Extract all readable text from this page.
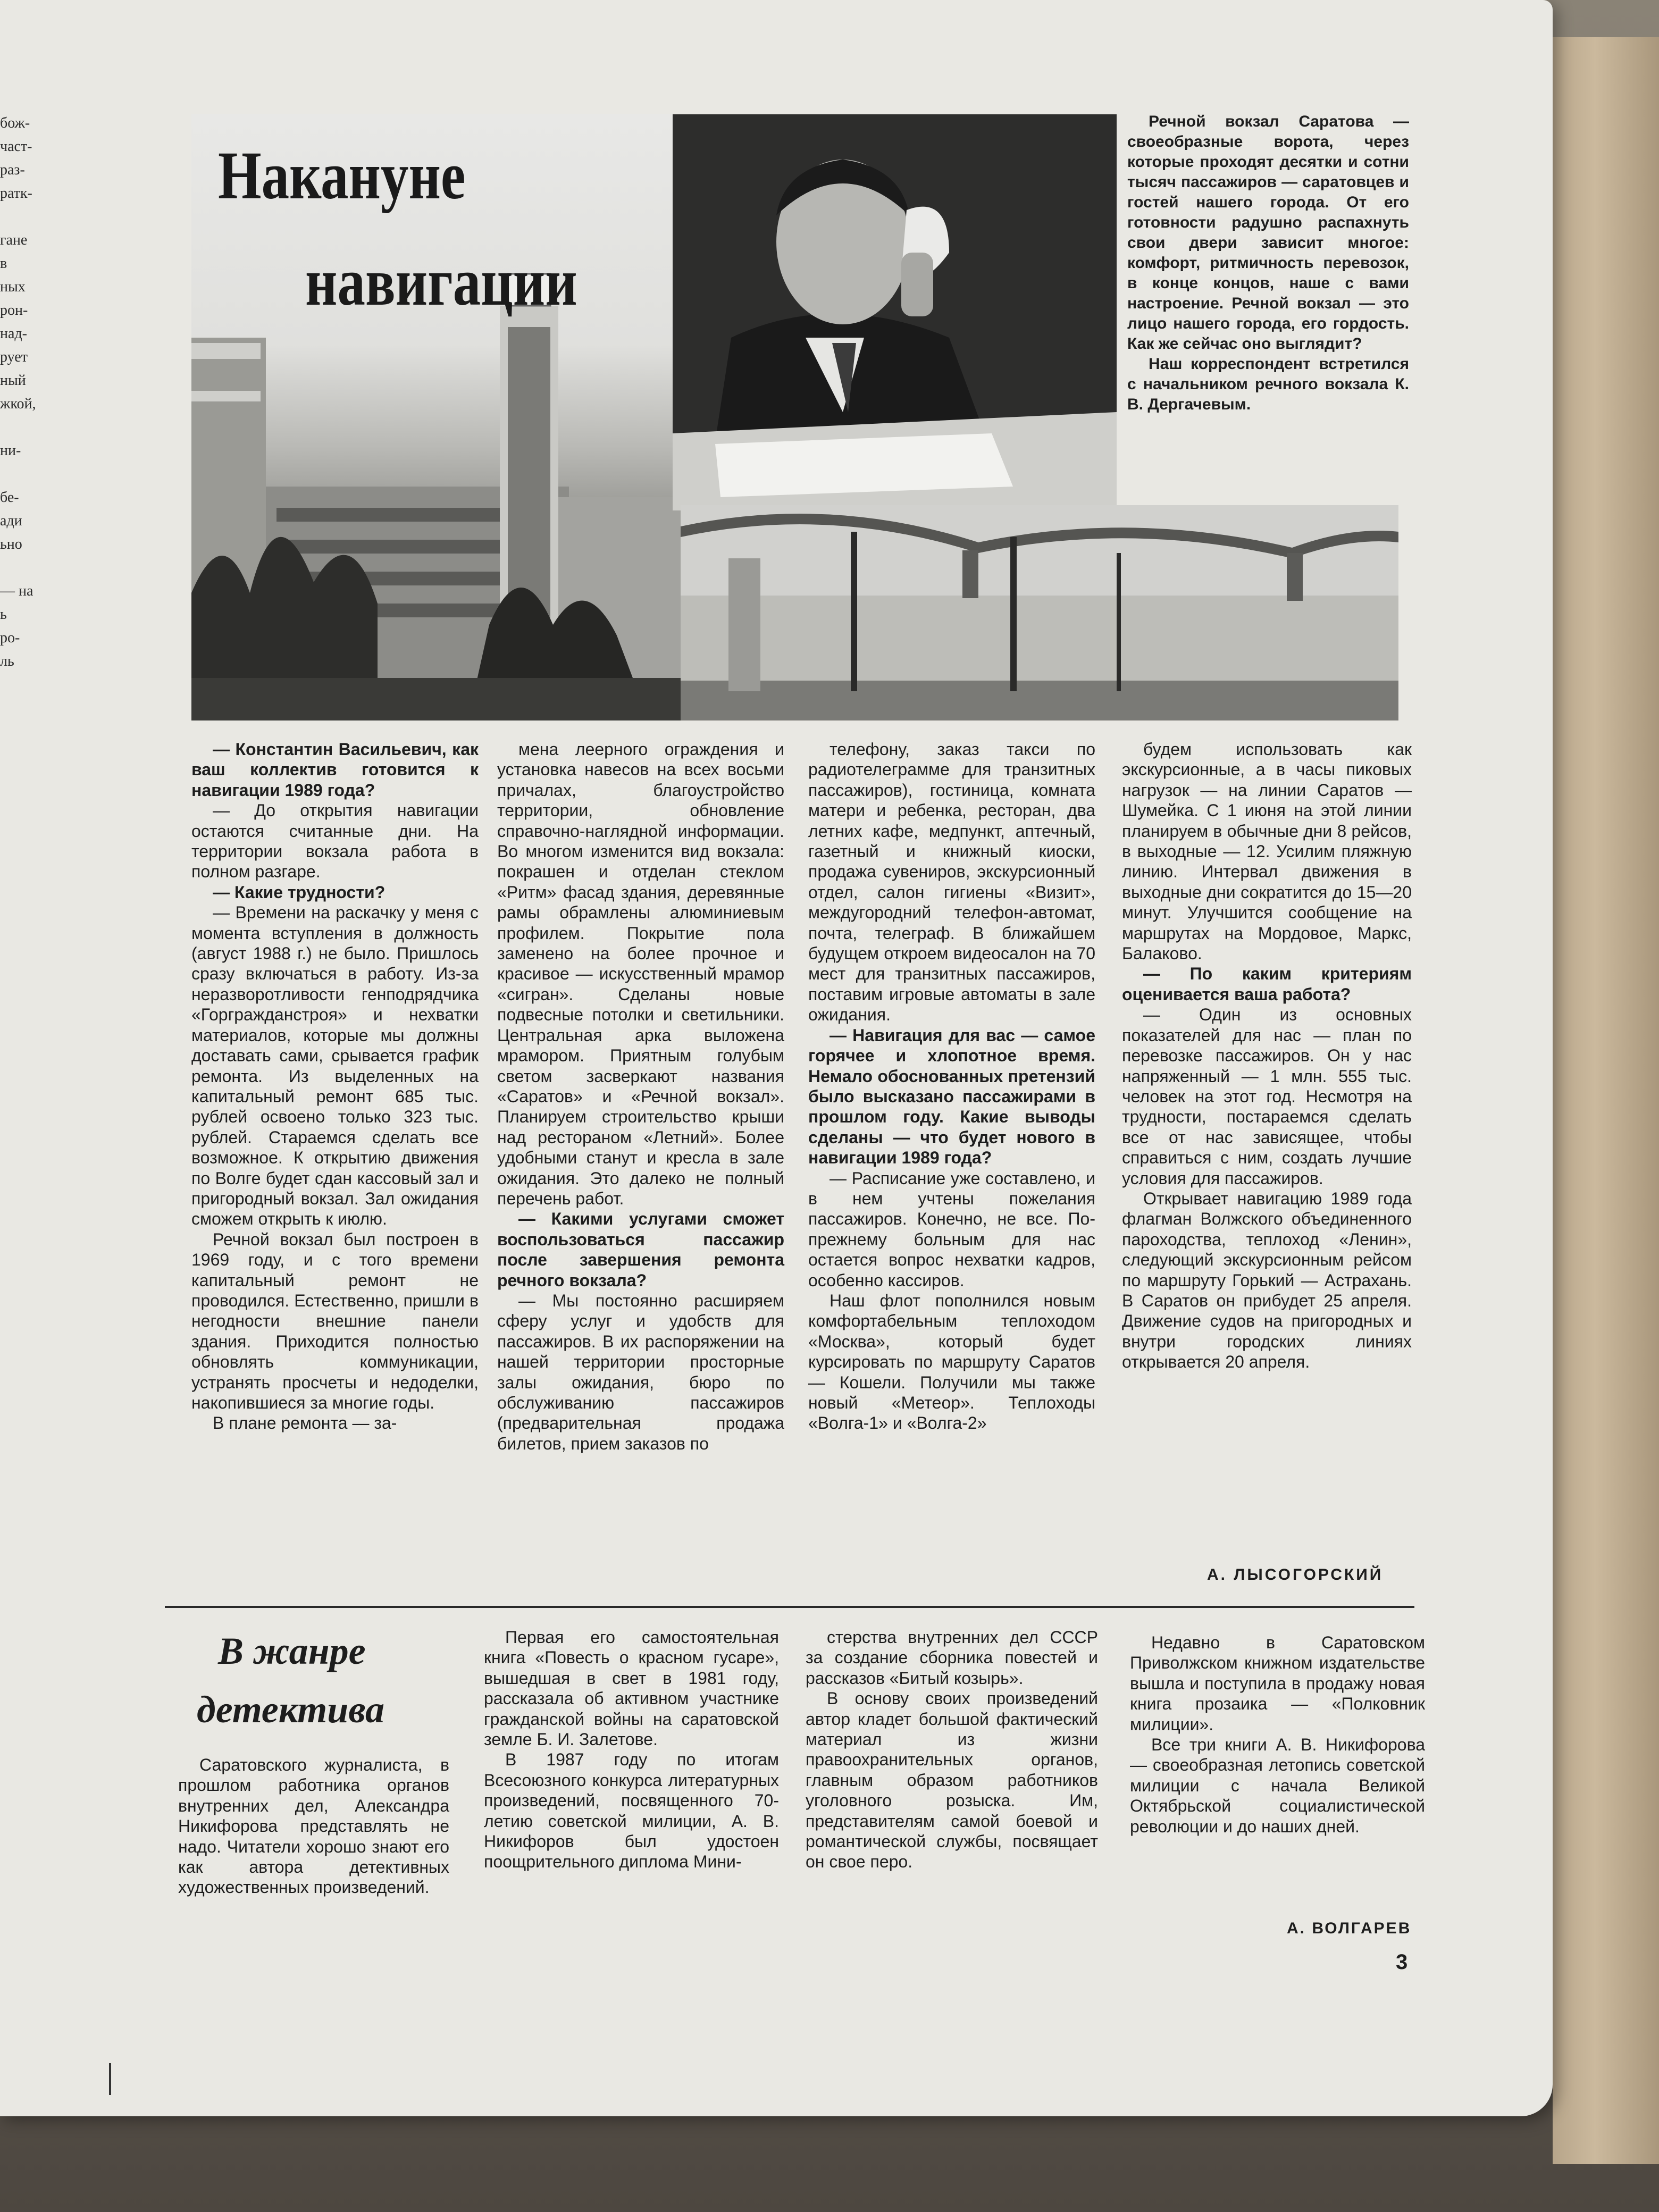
бож-
част-
раз-
ратк-

гане
в
ных
рон-
над-
рует
ный
жкой,

ни-

бе-
ади
ьно

— на
ь
ро-
ль
Накануне
навигации

Речной вокзал Саратова — своеобразные ворота, через которые проходят десятки и сотни тысяч пассажиров — саратовцев и гостей нашего города. От его готовности радушно распахнуть свои двери зависит многое: комфорт, ритмичность перевозок, в конце концов, наше с вами настроение. Речной вокзал — это лицо нашего города, его гордость. Как же сейчас оно выглядит?

Наш корреспондент встретился с начальником речного вокзала К. В. Дергачевым.

— Константин Васильевич, как ваш коллектив готовится к навигации 1989 года?

— До открытия навигации остаются считанные дни. На территории вокзала работа в полном разгаре.

— Какие трудности?

— Времени на раскачку у меня с момента вступления в должность (август 1988 г.) не было. Пришлось сразу включаться в работу. Из-за неразворотливости генподрядчика «Горгражданстроя» и нехватки материалов, которые мы должны доставать сами, срывается график ремонта. Из выделенных на капитальный ремонт 685 тыс. рублей освоено только 323 тыс. рублей. Стараемся сделать все возможное. К открытию движения по Волге будет сдан кассовый зал и пригородный вокзал. Зал ожидания сможем открыть к июлю.

Речной вокзал был построен в 1969 году, и с того времени капитальный ремонт не проводился. Естественно, пришли в негодности внешние панели здания. Приходится полностью обновлять коммуникации, устранять просчеты и недоделки, накопившиеся за многие годы.

В плане ремонта — за-

мена леерного ограждения и установка навесов на всех восьми причалах, благоустройство территории, обновление справочно-наглядной информации. Во многом изменится вид вокзала: покрашен и отделан стеклом «Ритм» фасад здания, деревянные рамы обрамлены алюминиевым профилем. Покрытие пола заменено на более прочное и красивое — искусственный мрамор «сигран». Сделаны новые подвесные потолки и светильники. Центральная арка выложена мрамором. Приятным голубым светом засверкают названия «Саратов» и «Речной вокзал». Планируем строительство крыши над рестораном «Летний». Более удобными станут и кресла в зале ожидания. Это далеко не полный перечень работ.

— Какими услугами сможет воспользоваться пассажир после завершения ремонта речного вокзала?

— Мы постоянно расширяем сферу услуг и удобств для пассажиров. В их распоряжении на нашей территории просторные залы ожидания, бюро по обслуживанию пассажиров (предварительная продажа билетов, прием заказов по

телефону, заказ такси по радиотелеграмме для транзитных пассажиров), гостиница, комната матери и ребенка, ресторан, два летних кафе, медпункт, аптечный, газетный и книжный киоски, продажа сувениров, экскурсионный отдел, салон гигиены «Визит», междугородний телефон-автомат, почта, телеграф. В ближайшем будущем откроем видеосалон на 70 мест для транзитных пассажиров, поставим игровые автоматы в зале ожидания.

— Навигация для вас — самое горячее и хлопотное время. Немало обоснованных претензий было высказано пассажирами в прошлом году. Какие выводы сделаны — что будет нового в навигации 1989 года?

— Расписание уже составлено, и в нем учтены пожелания пассажиров. Конечно, не все. По-прежнему больным для нас остается вопрос нехватки кадров, особенно кассиров.

Наш флот пополнился новым комфортабельным теплоходом «Москва», который будет курсировать по маршруту Саратов — Кошели. Получили мы также новый «Метеор». Теплоходы «Волга-1» и «Волга-2»

будем использовать как экскурсионные, а в часы пиковых нагрузок — на линии Саратов — Шумейка. С 1 июня на этой линии планируем в обычные дни 8 рейсов, в выходные — 12. Усилим пляжную линию. Интервал движения в выходные дни сократится до 15—20 минут. Улучшится сообщение на маршрутах на Мордовое, Маркс, Балаково.

— По каким критериям оценивается ваша работа?

— Один из основных показателей для нас — план по перевозке пассажиров. Он у нас напряженный — 1 млн. 555 тыс. человек на этот год. Несмотря на трудности, постараемся сделать все от нас зависящее, чтобы справиться с ним, создать лучшие условия для пассажиров.

Открывает навигацию 1989 года флагман Волжского объединенного пароходства, теплоход «Ленин», следующий экскурсионным рейсом по маршруту Горький — Астрахань. В Саратов он прибудет 25 апреля. Движение судов на пригородных и внутри городских линиях открывается 20 апреля.

А. ЛЫСОГОРСКИЙ
В жанре
детектива

Саратовского журналиста, в прошлом работника органов внутренних дел, Александра Никифорова представлять не надо. Читатели хорошо знают его как автора детективных художественных произведений.

Первая его самостоятельная книга «Повесть о красном гусаре», вышедшая в свет в 1981 году, рассказала об активном участнике гражданской войны на саратовской земле Б. И. Залетове.

В 1987 году по итогам Всесоюзного конкурса литературных произведений, посвященного 70-летию советской милиции, А. В. Никифоров был удостоен поощрительного диплома Мини-

стерства внутренних дел СССР за создание сборника повестей и рассказов «Битый козырь».

В основу своих произведений автор кладет большой фактический материал из жизни правоохранительных органов, главным образом работников уголовного розыска. Им, представителям самой боевой и романтической службы, посвящает он свое перо.

Недавно в Саратовском Приволжском книжном издательстве вышла и поступила в продажу новая книга прозаика — «Полковник милиции».

Все три книги А. В. Никифорова — своеобразная летопись советской милиции с начала Великой Октябрьской социалистической революции и до наших дней.

А. ВОЛГАРЕВ
3
